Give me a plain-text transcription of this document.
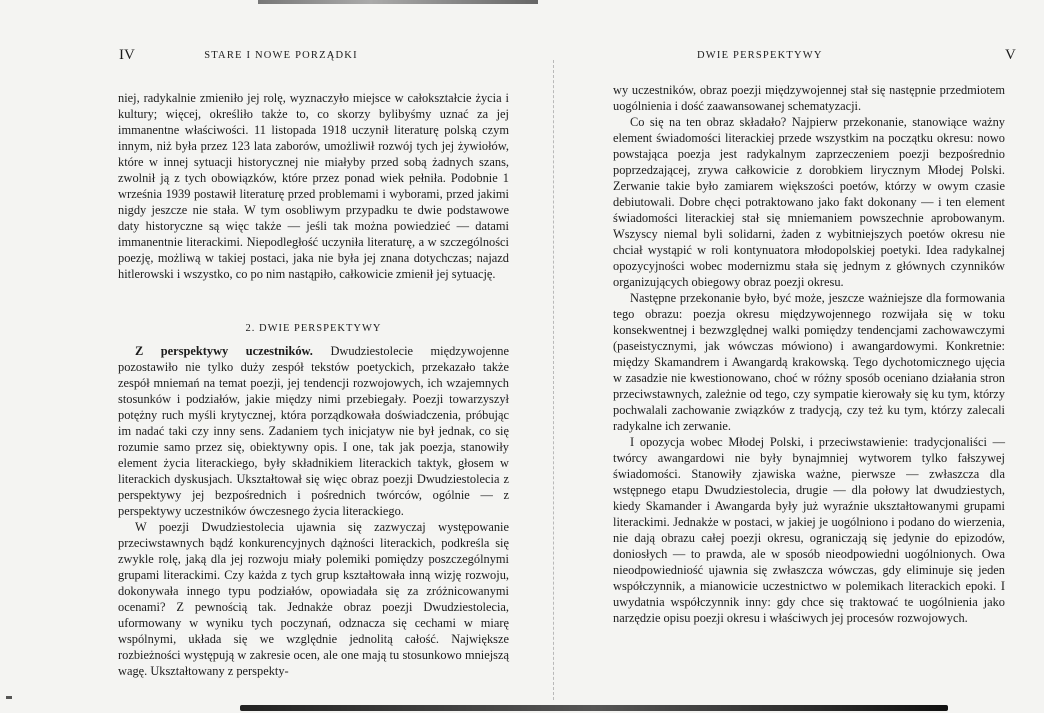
IV	STARE I NOWE PORZĄDKI

niej, radykalnie zmieniło jej rolę, wyznaczyło miejsce w całokształcie życia i kultury; więcej, określiło także to, co skorzy bylibyśmy uznać za jej immanentne właściwości. 11 listopada 1918 uczynił literaturę polską czym innym, niż była przez 123 lata zaborów, umożliwił rozwój tych jej żywiołów, które w innej sytuacji historycznej nie miałyby przed sobą żadnych szans, zwolnił ją z tych obowiązków, które przez ponad wiek pełniła. Podobnie 1 września 1939 postawił literaturę przed problemami i wyborami, przed jakimi nigdy jeszcze nie stała. W tym osobliwym przypadku te dwie podstawowe daty historyczne są więc także — jeśli tak można powiedzieć — datami immanentnie literackimi. Niepodległość uczyniła literaturę, a w szczególności poezję, możliwą w takiej postaci, jaka nie była jej znana dotychczas; najazd hitlerowski i wszystko, co po nim nastąpiło, całkowicie zmienił jej sytuację.

2. DWIE PERSPEKTYWY

Z perspektywy uczestników. Dwudziestolecie międzywojenne pozostawiło nie tylko duży zespół tekstów poetyckich, przekazało także zespół mniemań na temat poezji, jej tendencji rozwojowych, ich wzajemnych stosunków i podziałów, jakie między nimi przebiegały. Poezji towarzyszył potężny ruch myśli krytycznej, która porządkowała doświadczenia, próbując im nadać taki czy inny sens. Zadaniem tych inicjatyw nie był jednak, co się rozumie samo przez się, obiektywny opis. I one, tak jak poezja, stanowiły element życia literackiego, były składnikiem literackich taktyk, głosem w literackich dyskusjach. Ukształtował się więc obraz poezji Dwudziestolecia z perspektywy jej bezpośrednich i pośrednich twórców, ogólnie — z perspektywy uczestników ówczesnego życia literackiego.

W poezji Dwudziestolecia ujawnia się zazwyczaj występowanie przeciwstawnych bądź konkurencyjnych dążności literackich, podkreśla się zwykle rolę, jaką dla jej rozwoju miały polemiki pomiędzy poszczególnymi grupami literackimi. Czy każda z tych grup kształtowała inną wizję rozwoju, dokonywała innego typu podziałów, opowiadała się za zróżnicowanymi ocenami? Z pewnością tak. Jednakże obraz poezji Dwudziestolecia, uformowany w wyniku tych poczynań, odznacza się cechami w miarę wspólnymi, układa się we względnie jednolitą całość. Największe rozbieżności występują w zakresie ocen, ale one mają tu stosunkowo mniejszą wagę. Ukształtowany z perspekty-

DWIE PERSPEKTYWY	V

wy uczestników, obraz poezji międzywojennej stał się następnie przedmiotem uogólnienia i dość zaawansowanej schematyzacji.

Co się na ten obraz składało? Najpierw przekonanie, stanowiące ważny element świadomości literackiej przede wszystkim na początku okresu: nowo powstająca poezja jest radykalnym zaprzeczeniem poezji bezpośrednio poprzedzającej, zrywa całkowicie z dorobkiem lirycznym Młodej Polski. Zerwanie takie było zamiarem większości poetów, którzy w owym czasie debiutowali. Dobre chęci potraktowano jako fakt dokonany — i ten element świadomości literackiej stał się mniemaniem powszechnie aprobowanym. Wszyscy niemal byli solidarni, żaden z wybitniejszych poetów okresu nie chciał wystąpić w roli kontynuatora młodopolskiej poetyki. Idea radykalnej opozycyjności wobec modernizmu stała się jednym z głównych czynników organizujących obiegowy obraz poezji okresu.

Następne przekonanie było, być może, jeszcze ważniejsze dla formowania tego obrazu: poezja okresu międzywojennego rozwijała się w toku konsekwentnej i bezwzględnej walki pomiędzy tendencjami zachowawczymi (paseistycznymi, jak wówczas mówiono) i awangardowymi. Konkretnie: między Skamandrem i Awangardą krakowską. Tego dychotomicznego ujęcia w zasadzie nie kwestionowano, choć w różny sposób oceniano działania stron przeciwstawnych, zależnie od tego, czy sympatie kierowały się ku tym, którzy pochwalali zachowanie związków z tradycją, czy też ku tym, którzy zalecali radykalne ich zerwanie.

I opozycja wobec Młodej Polski, i przeciwstawienie: tradycjonaliści — twórcy awangardowi nie były bynajmniej wytworem tylko fałszywej świadomości. Stanowiły zjawiska ważne, pierwsze — zwłaszcza dla wstępnego etapu Dwudziestolecia, drugie — dla połowy lat dwudziestych, kiedy Skamander i Awangarda były już wyraźnie ukształtowanymi grupami literackimi. Jednakże w postaci, w jakiej je uogólniono i podano do wierzenia, nie dają obrazu całej poezji okresu, ograniczają się jedynie do epizodów, doniosłych — to prawda, ale w sposób nieodpowiedni uogólnionych. Owa nieodpowiedniość ujawnia się zwłaszcza wówczas, gdy eliminuje się jeden współczynnik, a mianowicie uczestnictwo w polemikach literackich epoki. I uwydatnia współczynnik inny: gdy chce się traktować te uogólnienia jako narzędzie opisu poezji okresu i właściwych jej procesów rozwojowych.
